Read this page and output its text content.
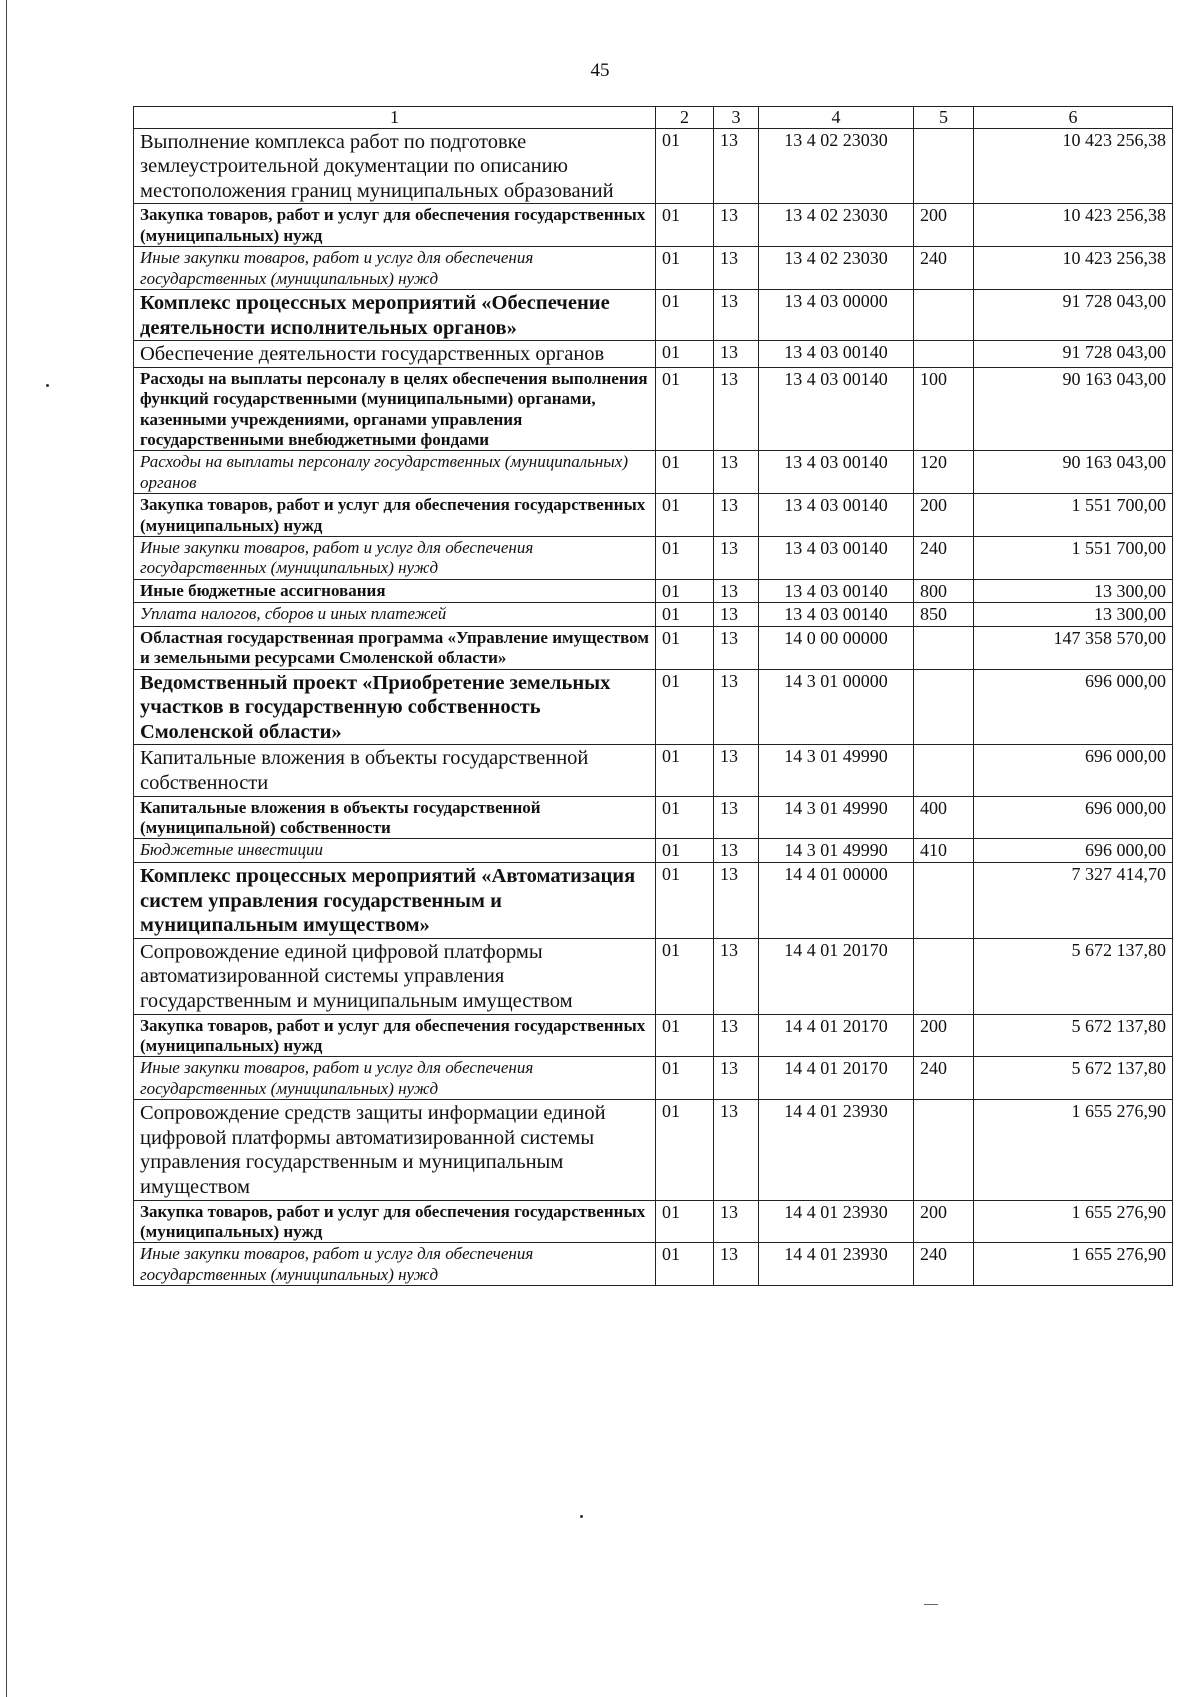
45
1	2	3	4	5	6
Выполнение комплекса работ по подготовке землеустроительной документации по описанию местоположения границ муниципальных образований	01	13	13 4 02 23030		10 423 256,38
Закупка товаров, работ и услуг для обеспечения государственных (муниципальных) нужд	01	13	13 4 02 23030	200	10 423 256,38
Иные закупки товаров, работ и услуг для обеспечения государственных (муниципальных) нужд	01	13	13 4 02 23030	240	10 423 256,38
Комплекс процессных мероприятий «Обеспечение деятельности исполнительных органов»	01	13	13 4 03 00000		91 728 043,00
Обеспечение деятельности государственных органов	01	13	13 4 03 00140		91 728 043,00
Расходы на выплаты персоналу в целях обеспечения выполнения функций государственными (муниципальными) органами, казенными учреждениями, органами управления государственными внебюджетными фондами	01	13	13 4 03 00140	100	90 163 043,00
Расходы на выплаты персоналу государственных (муниципальных) органов	01	13	13 4 03 00140	120	90 163 043,00
Закупка товаров, работ и услуг для обеспечения государственных (муниципальных) нужд	01	13	13 4 03 00140	200	1 551 700,00
Иные закупки товаров, работ и услуг для обеспечения государственных (муниципальных) нужд	01	13	13 4 03 00140	240	1 551 700,00
Иные бюджетные ассигнования	01	13	13 4 03 00140	800	13 300,00
Уплата налогов, сборов и иных платежей	01	13	13 4 03 00140	850	13 300,00
Областная государственная программа «Управление имуществом и земельными ресурсами Смоленской области»	01	13	14 0 00 00000		147 358 570,00
Ведомственный проект «Приобретение земельных участков в государственную собственность Смоленской области»	01	13	14 3 01 00000		696 000,00
Капитальные вложения в объекты государственной собственности	01	13	14 3 01 49990		696 000,00
Капитальные вложения в объекты государственной (муниципальной) собственности	01	13	14 3 01 49990	400	696 000,00
Бюджетные инвестиции	01	13	14 3 01 49990	410	696 000,00
Комплекс процессных мероприятий «Автоматизация систем управления государственным и муниципальным имуществом»	01	13	14 4 01 00000		7 327 414,70
Сопровождение единой цифровой платформы автоматизированной системы управления государственным и муниципальным имуществом	01	13	14 4 01 20170		5 672 137,80
Закупка товаров, работ и услуг для обеспечения государственных (муниципальных) нужд	01	13	14 4 01 20170	200	5 672 137,80
Иные закупки товаров, работ и услуг для обеспечения государственных (муниципальных) нужд	01	13	14 4 01 20170	240	5 672 137,80
Сопровождение средств защиты информации единой цифровой платформы автоматизированной системы управления государственным и муниципальным имуществом	01	13	14 4 01 23930		1 655 276,90
Закупка товаров, работ и услуг для обеспечения государственных (муниципальных) нужд	01	13	14 4 01 23930	200	1 655 276,90
Иные закупки товаров, работ и услуг для обеспечения государственных (муниципальных) нужд	01	13	14 4 01 23930	240	1 655 276,90
